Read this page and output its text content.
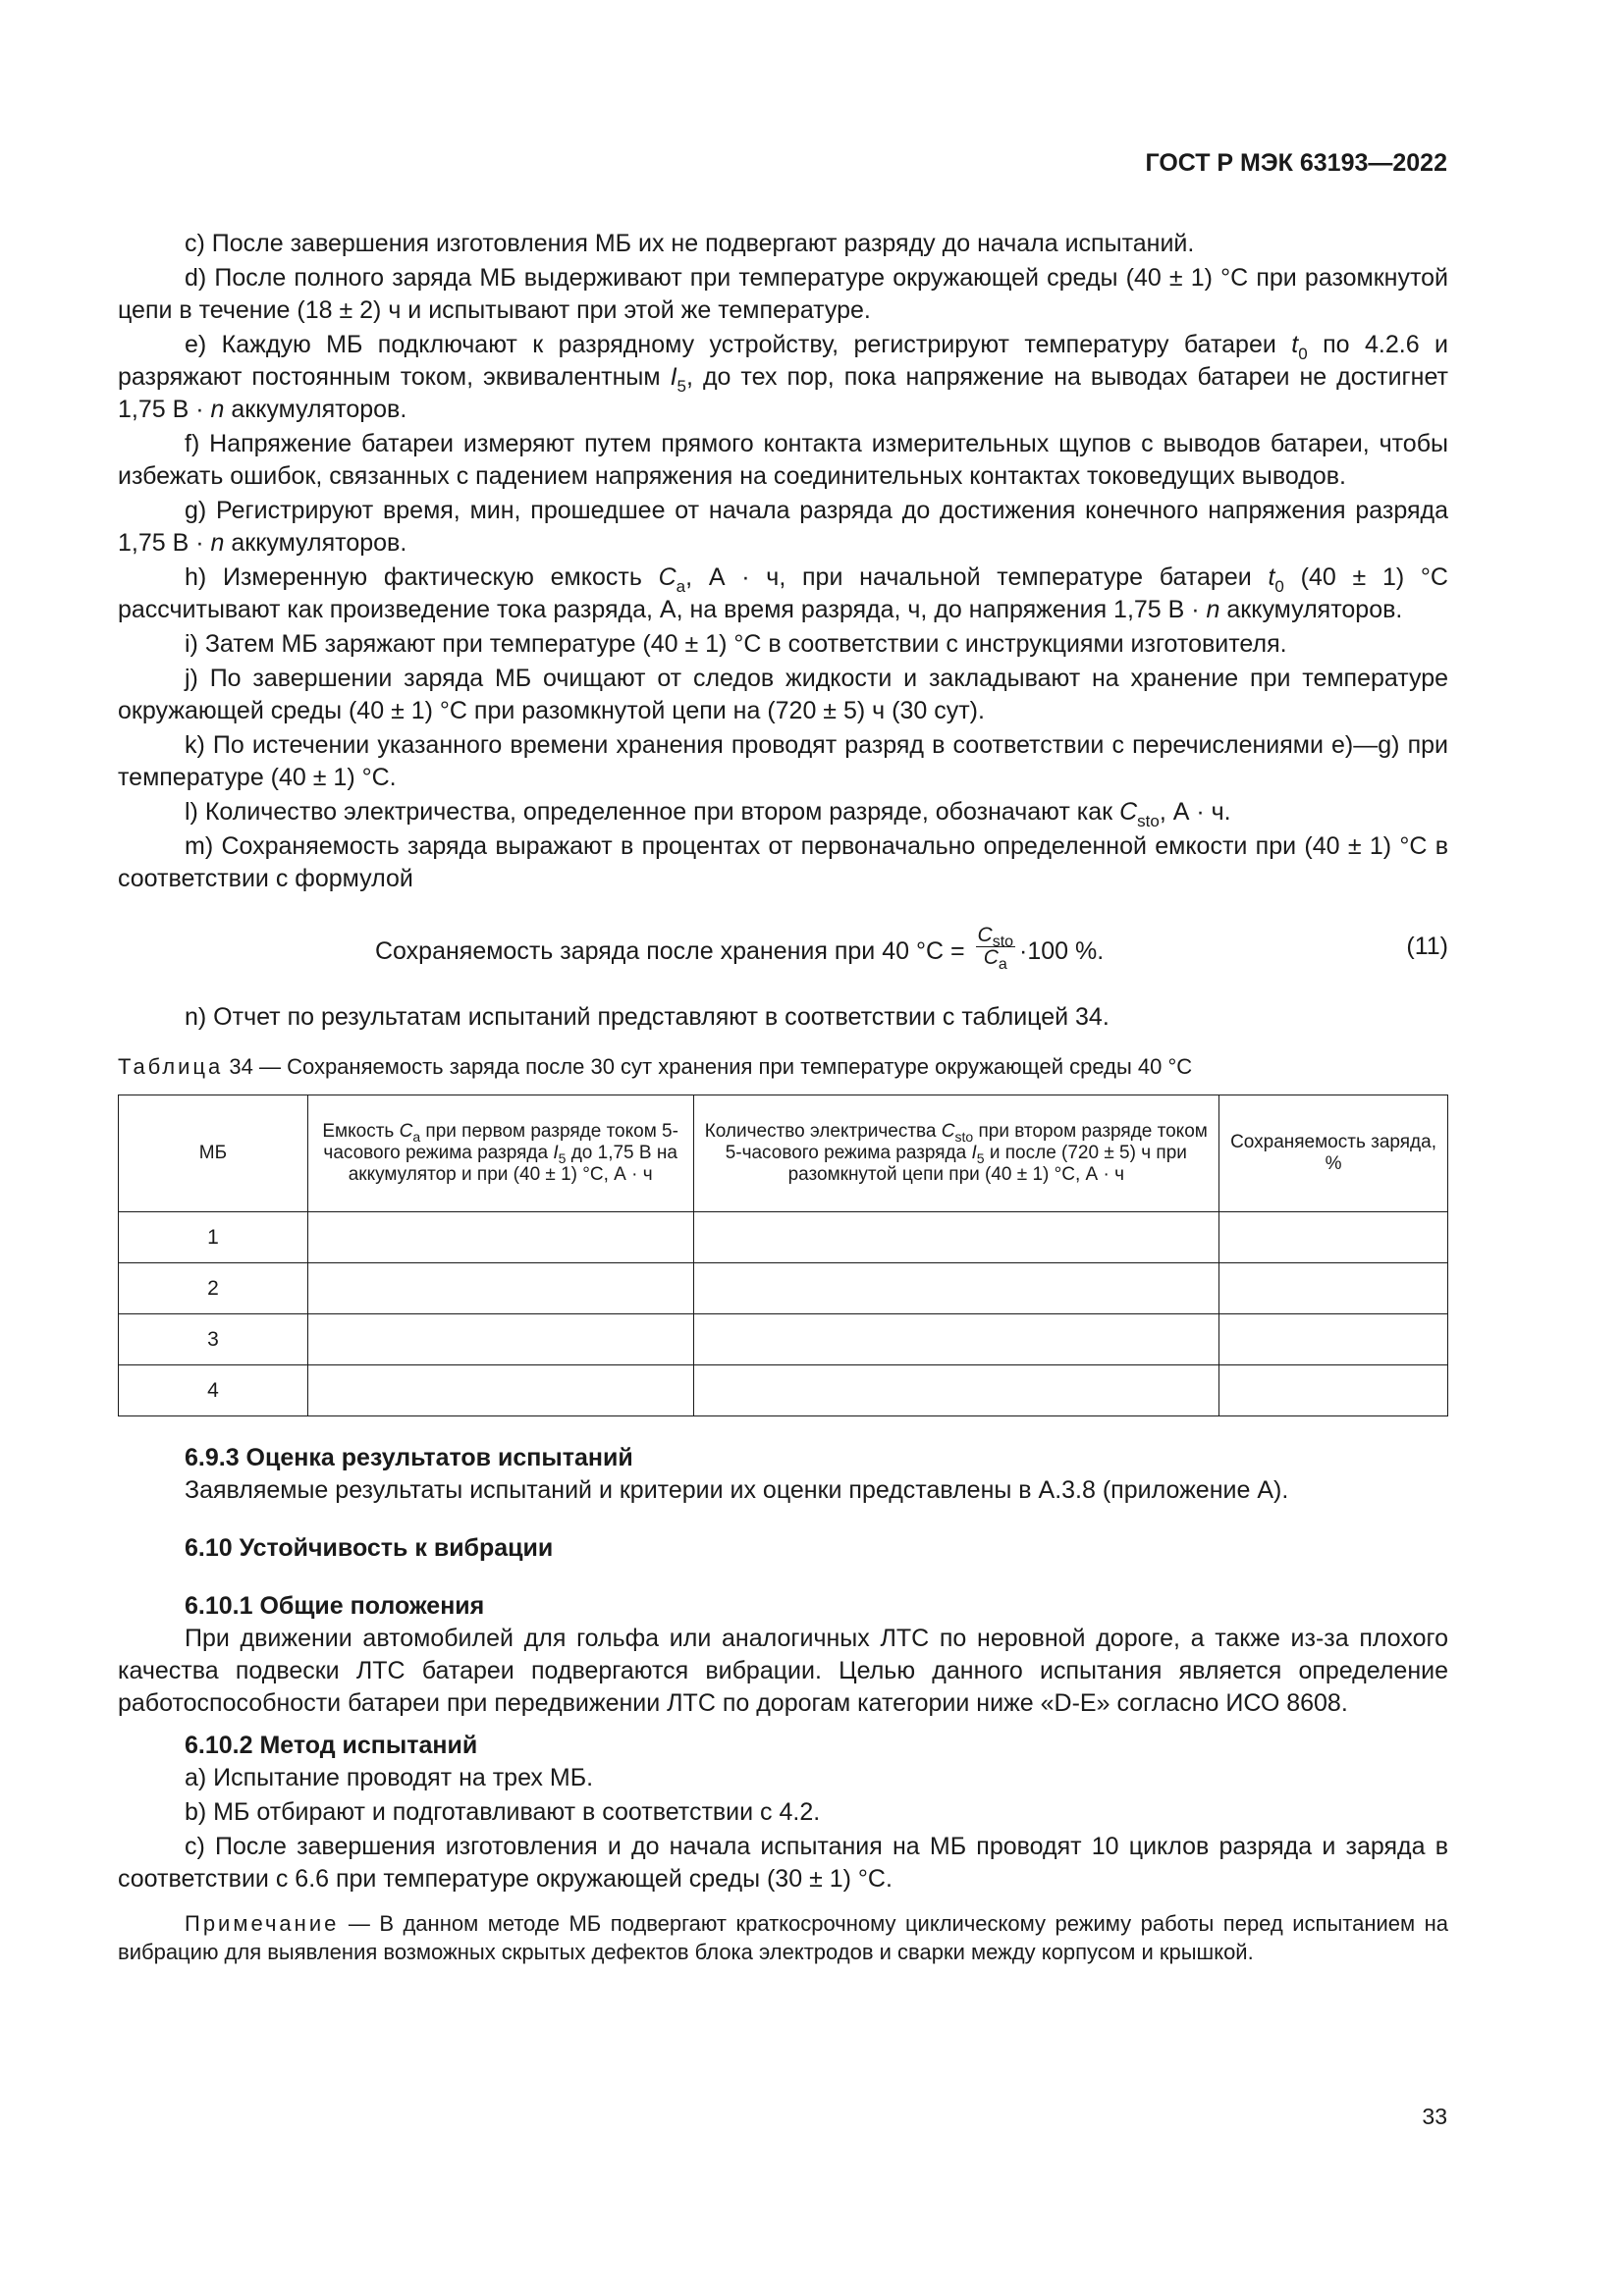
ГОСТ Р МЭК 63193—2022

c) После завершения изготовления МБ их не подвергают разряду до начала испытаний.

d) После полного заряда МБ выдерживают при температуре окружающей среды (40 ± 1) °С при разомкнутой цепи в течение (18 ± 2) ч и испытывают при этой же температуре.

e) Каждую МБ подключают к разрядному устройству, регистрируют температуру батареи $t_0$ по 4.2.6 и разряжают постоянным током, эквивалентным $I_5$, до тех пор, пока напряжение на выводах батареи не достигнет 1,75 В · n аккумуляторов.

f) Напряжение батареи измеряют путем прямого контакта измерительных щупов с выводов батареи, чтобы избежать ошибок, связанных с падением напряжения на соединительных контактах токоведущих выводов.

g) Регистрируют время, мин, прошедшее от начала разряда до достижения конечного напряжения разряда 1,75 В · n аккумуляторов.

h) Измеренную фактическую емкость $C_a$, А · ч, при начальной температуре батареи $t_0$ (40 ± 1) °С рассчитывают как произведение тока разряда, А, на время разряда, ч, до напряжения 1,75 В · n аккумуляторов.

i) Затем МБ заряжают при температуре (40 ± 1) °С в соответствии с инструкциями изготовителя.

j) По завершении заряда МБ очищают от следов жидкости и закладывают на хранение при температуре окружающей среды (40 ± 1) °С при разомкнутой цепи на (720 ± 5) ч (30 сут).

k) По истечении указанного времени хранения проводят разряд в соответствии с перечислениями e)—g) при температуре (40 ± 1) °С.

l) Количество электричества, определенное при втором разряде, обозначают как $C_{sto}$, А · ч.

m) Сохраняемость заряда выражают в процентах от первоначально определенной емкости при (40 ± 1) °С в соответствии с формулой

Сохраняемость заряда после хранения при 40 $^\circ С = \frac{C_{sto}}{C_a} \cdot 100$ %.	(11)

n) Отчет по результатам испытаний представляют в соответствии с таблицей 34.

Таблица 34 — Сохраняемость заряда после 30 сут хранения при температуре окружающей среды 40 °С

МБ	Емкость $C_a$ при первом разряде током 5-часового режима разряда $I_5$ до 1,75 В на аккумулятор и при (40 ± 1) °С, А · ч	Количество электричества $C_{sto}$ при втором разряде током 5-часового режима разряда $I_5$ и после (720 ± 5) ч при разомкнутой цепи при (40 ± 1) °С, А · ч	Сохраняемость заряда, %
1			
2			
3			
4			

6.9.3 Оценка результатов испытаний

Заявляемые результаты испытаний и критерии их оценки представлены в А.3.8 (приложение А).

6.10 Устойчивость к вибрации

6.10.1 Общие положения

При движении автомобилей для гольфа или аналогичных ЛТС по неровной дороге, а также из-за плохого качества подвески ЛТС батареи подвергаются вибрации. Целью данного испытания является определение работоспособности батареи при передвижении ЛТС по дорогам категории ниже «D-E» согласно ИСО 8608.

6.10.2 Метод испытаний

a) Испытание проводят на трех МБ.

b) МБ отбирают и подготавливают в соответствии с 4.2.

c) После завершения изготовления и до начала испытания на МБ проводят 10 циклов разряда и заряда в соответствии с 6.6 при температуре окружающей среды (30 ± 1) °С.

Примечание — В данном методе МБ подвергают краткосрочному циклическому режиму работы перед испытанием на вибрацию для выявления возможных скрытых дефектов блока электродов и сварки между корпусом и крышкой.

33
